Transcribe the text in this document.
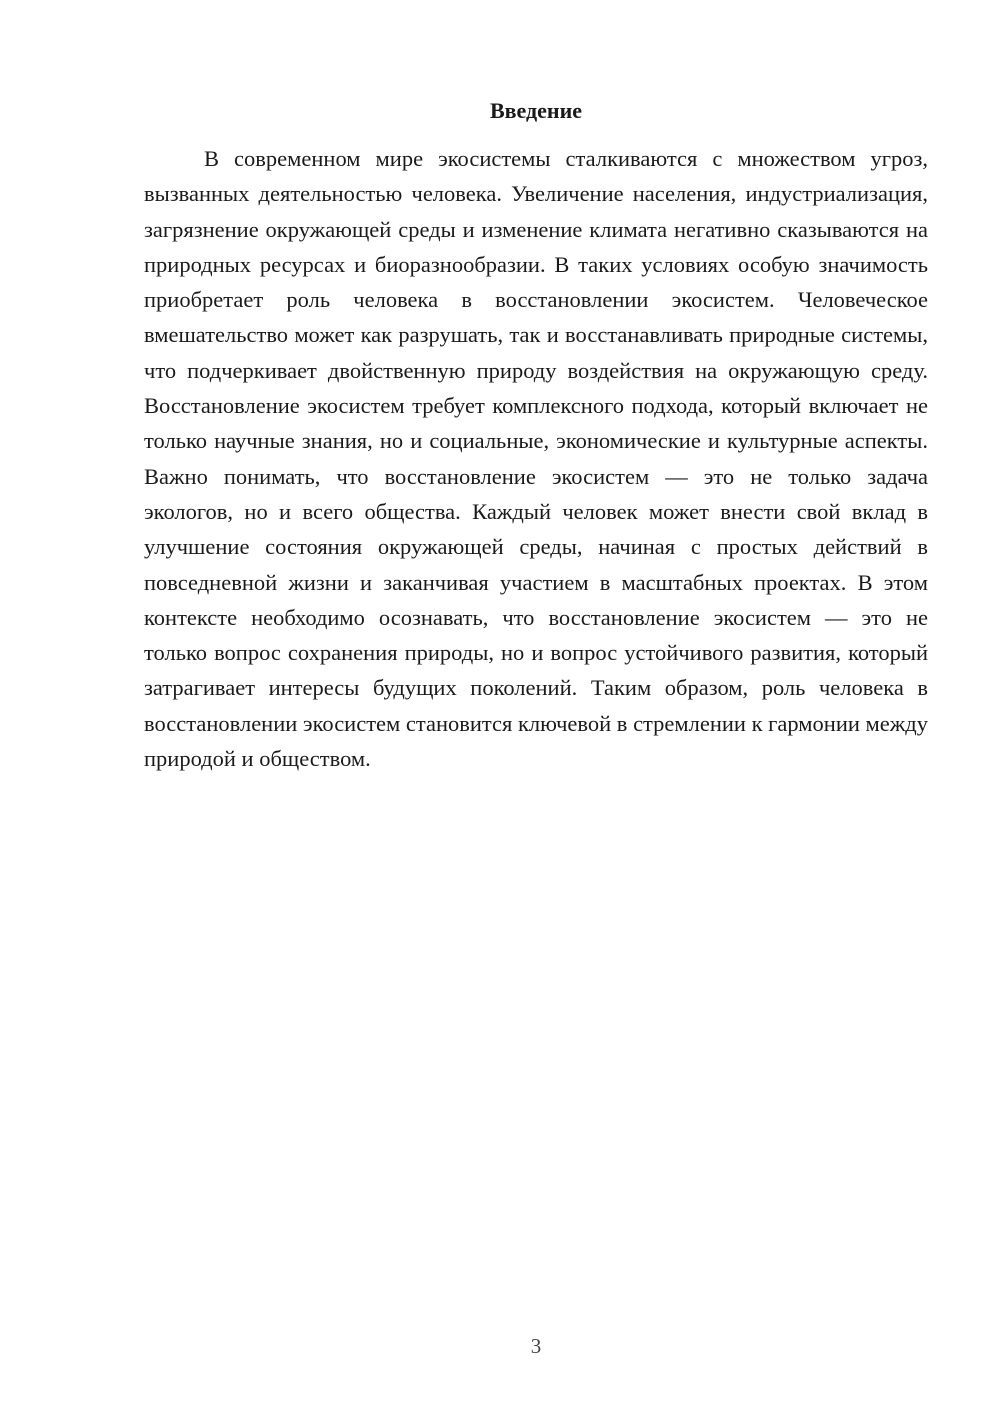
Введение

В современном мире экосистемы сталкиваются с множеством угроз, вызванных деятельностью человека. Увеличение населения, индустриализация, загрязнение окружающей среды и изменение климата негативно сказываются на природных ресурсах и биоразнообразии. В таких условиях особую значимость приобретает роль человека в восстановлении экосистем. Человеческое вмешательство может как разрушать, так и восстанавливать природные системы, что подчеркивает двойственную природу воздействия на окружающую среду. Восстановление экосистем требует комплексного подхода, который включает не только научные знания, но и социальные, экономические и культурные аспекты. Важно понимать, что восстановление экосистем — это не только задача экологов, но и всего общества. Каждый человек может внести свой вклад в улучшение состояния окружающей среды, начиная с простых действий в повседневной жизни и заканчивая участием в масштабных проектах. В этом контексте необходимо осознавать, что восстановление экосистем — это не только вопрос сохранения природы, но и вопрос устойчивого развития, который затрагивает интересы будущих поколений. Таким образом, роль человека в восстановлении экосистем становится ключевой в стремлении к гармонии между природой и обществом.

3
